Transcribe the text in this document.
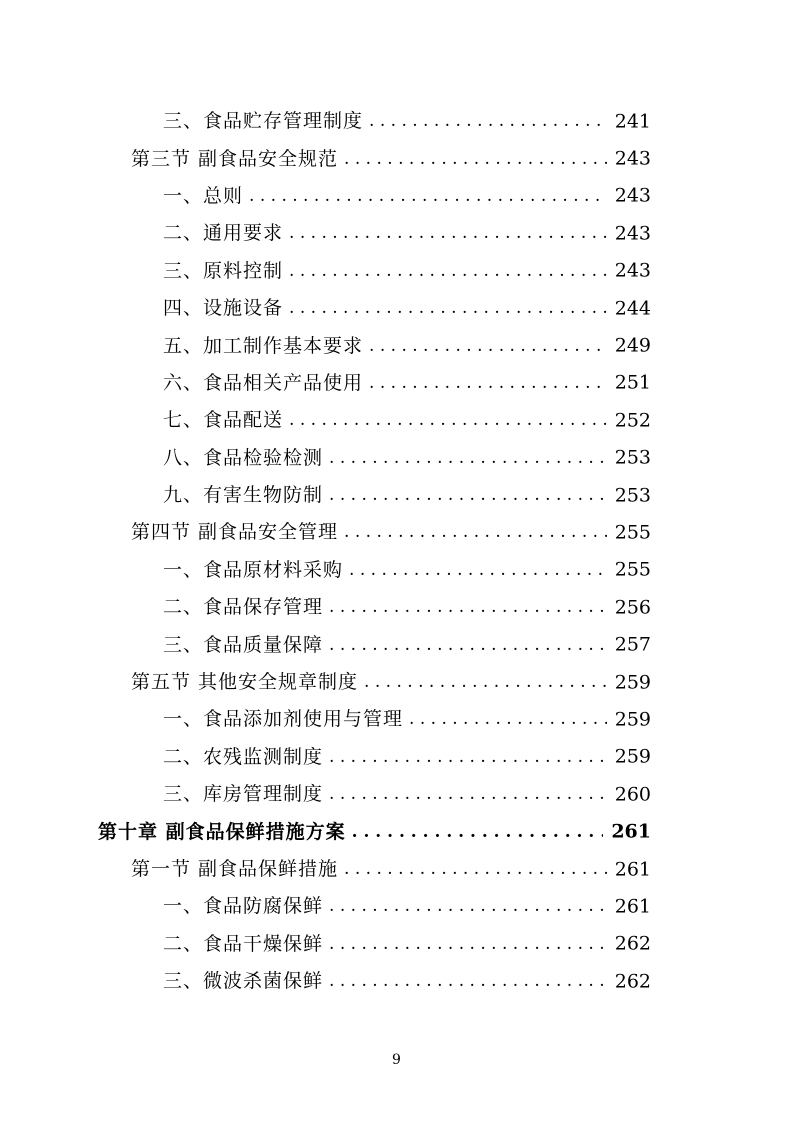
三、食品贮存管理制度 . . .	241
第三节 副食品安全规范 . . .	243
一、总则 . . .	243
二、通用要求 . . .	243
三、原料控制 . . .	243
四、设施设备 . . .	244
五、加工制作基本要求 . . .	249
六、食品相关产品使用 . . .	251
七、食品配送 . . .	252
八、食品检验检测 . . .	253
九、有害生物防制 . . .	253
第四节 副食品安全管理 . . .	255
一、食品原材料采购 . . .	255
二、食品保存管理 . . .	256
三、食品质量保障 . . .	257
第五节 其他安全规章制度 . . .	259
一、食品添加剂使用与管理 . . .	259
二、农残监测制度 . . .	259
三、库房管理制度 . . .	260
第十章 副食品保鲜措施方案 . . .	261
第一节 副食品保鲜措施 . . .	261
一、食品防腐保鲜 . . .	261
二、食品干燥保鲜 . . .	262
三、微波杀菌保鲜 . . .	262
9
